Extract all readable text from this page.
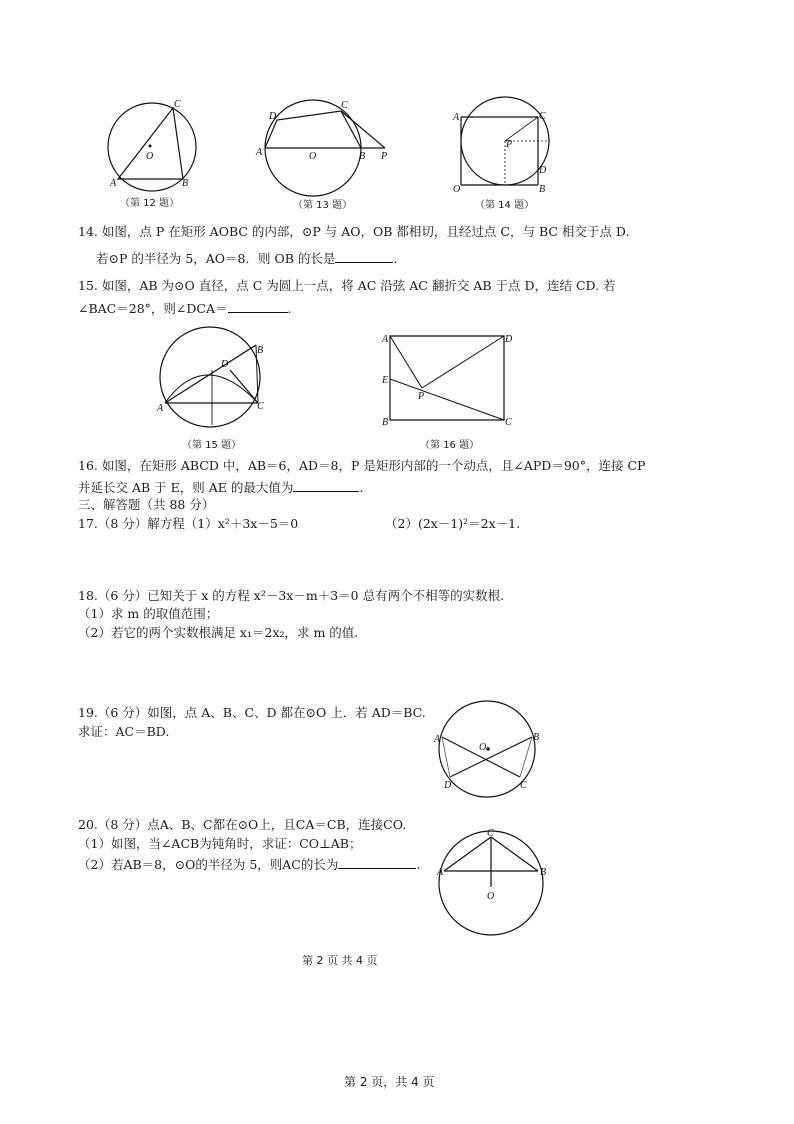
C
O
A	B
（第 12 题）
D
C
A	O	B P
（第 13 题）
A	C
P
D
O	B
（第 14 题）
14. 如图，点 P 在矩形 AOBC 的内部，⊙P 与 AO，OB 都相切，且经过点 C，与 BC 相交于点 D.
若⊙P 的半径为 5，AO＝8．则 OB 的长是	.
15. 如图，AB 为⊙O 直径，点 C 为圆上一点，将 AC 沿弦 AC 翻折交 AB 于点 D，连结 CD. 若
∠BAC＝28°，则∠DCA＝	.
D
B
A	C
（第 15 题）
A	D
E
P
B	C
（第 16 题）
16. 如图，在矩形 ABCD 中，AB＝6，AD＝8，P 是矩形内部的一个动点，且∠APD＝90°，连接 CP
并延长交 AB 于 E，则 AE 的最大值为	.
三、解答题（共 88 分）
17.（8 分）解方程（1）x²＋3x－5＝0	（2）(2x－1)²＝2x－1.
18.（6 分）已知关于 x 的方程 x²－3x－m＋3＝0 总有两个不相等的实数根.
（1）求 m 的取值范围；
（2）若它的两个实数根满足 x₁＝2x₂，求 m 的值.
19.（6 分）如图，点 A、B、C、D 都在⊙O 上．若 AD＝BC.
求证：AC＝BD.
A	B
O
D	C
20.（8 分）点A、B、C都在⊙O上，且CA＝CB，连接CO.
（1）如图，当∠ACB为钝角时，求证：CO⊥AB；
（2）若AB＝8，⊙O的半径为 5，则AC的长为	.
C
A	B
O
第 2 页 共 4 页
第 2 页，共 4 页
